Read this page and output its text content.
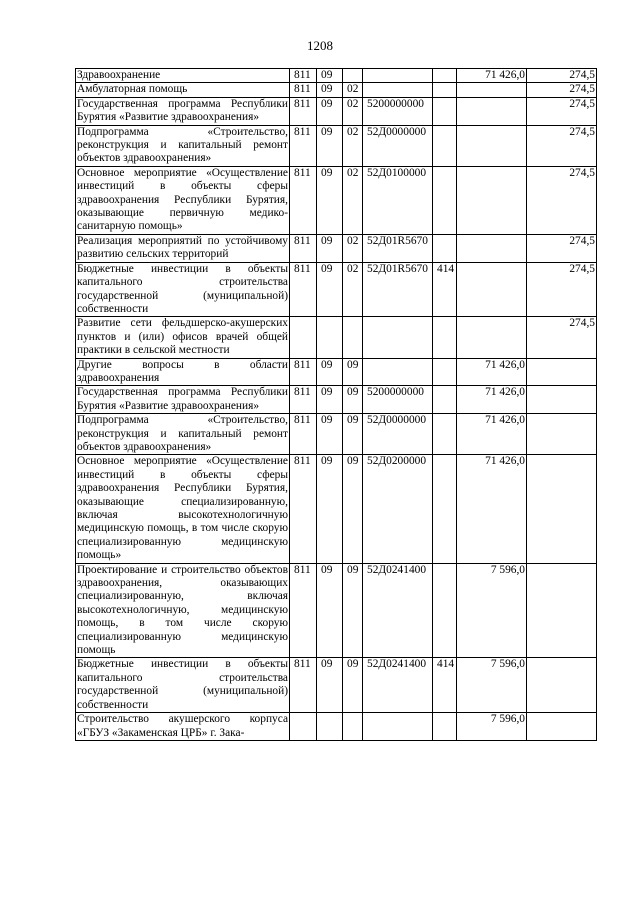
1208
Здравоохранение	811	09				71 426,0	274,5
Амбулаторная помощь	811	09	02				274,5
Государственная программа Республики Бурятия «Развитие здравоохранения»	811	09	02	5200000000			274,5
Подпрограмма «Строительство, реконструкция и капитальный ремонт объектов здравоохранения»	811	09	02	52Д0000000			274,5
Основное мероприятие «Осуществление инвестиций в объекты сферы здравоохранения Республики Бурятия, оказывающие первичную медико-санитарную помощь»	811	09	02	52Д0100000			274,5
Реализация мероприятий по устойчивому развитию сельских территорий	811	09	02	52Д01R5670			274,5
Бюджетные инвестиции в объекты капитального строительства государственной (муниципальной) собственности	811	09	02	52Д01R5670	414		274,5
Развитие сети фельдшерско-акушерских пунктов и (или) офисов врачей общей практики в сельской местности							274,5
Другие вопросы в области здравоохранения	811	09	09			71 426,0	
Государственная программа Республики Бурятия «Развитие здравоохранения»	811	09	09	5200000000		71 426,0	
Подпрограмма «Строительство, реконструкция и капитальный ремонт объектов здравоохранения»	811	09	09	52Д0000000		71 426,0	
Основное мероприятие «Осуществление инвестиций в объекты сферы здравоохранения Республики Бурятия, оказывающие специализированную, включая высокотехнологичную медицинскую помощь, в том числе скорую специализированную медицинскую помощь»	811	09	09	52Д0200000		71 426,0	
Проектирование и строительство объектов здравоохранения, оказывающих специализированную, включая высокотехнологичную, медицинскую помощь, в том числе скорую специализированную медицинскую помощь	811	09	09	52Д0241400		7 596,0	
Бюджетные инвестиции в объекты капитального строительства государственной (муниципальной) собственности	811	09	09	52Д0241400	414	7 596,0	
Строительство акушерского корпуса «ГБУЗ «Закаменская ЦРБ» г. Зака-						7 596,0	
